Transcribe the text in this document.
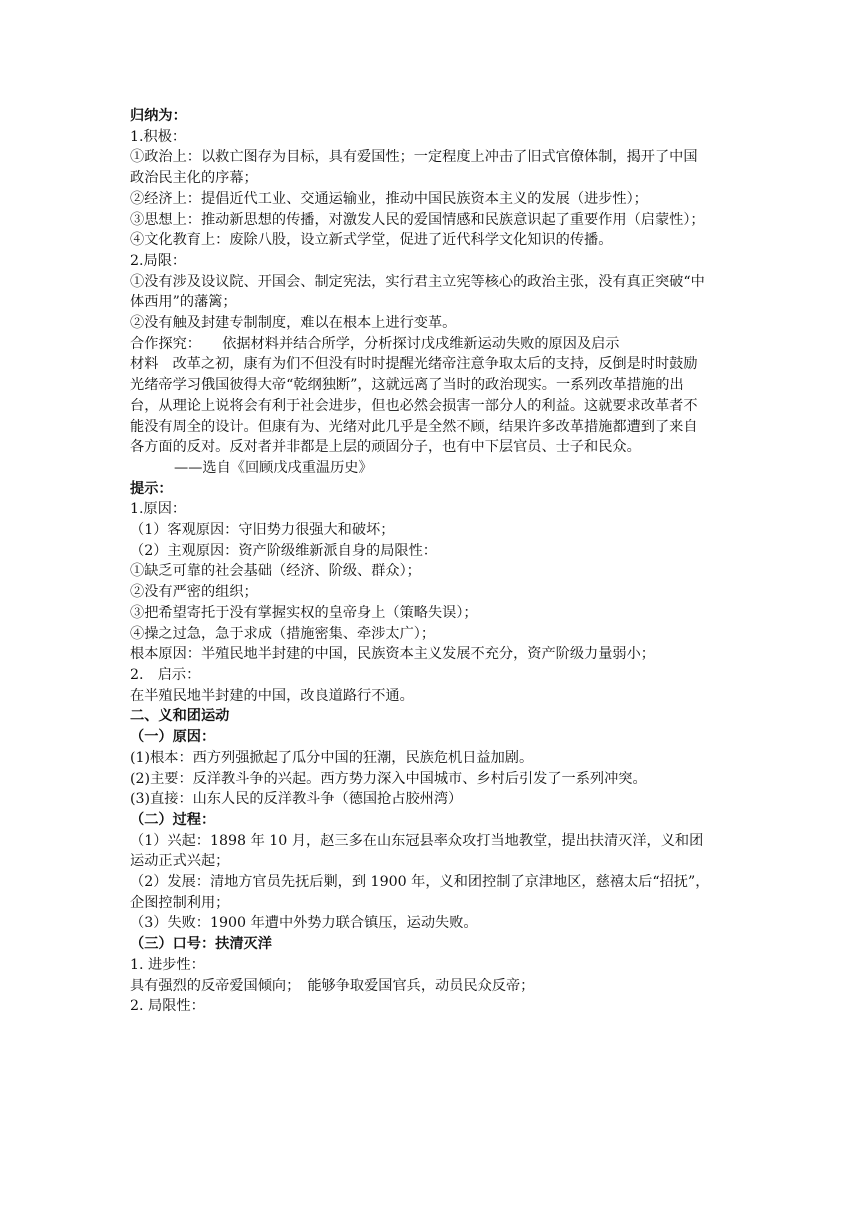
归纳为：
1.积极：
①政治上：以救亡图存为目标，具有爱国性；一定程度上冲击了旧式官僚体制，揭开了中国
政治民主化的序幕；
②经济上：提倡近代工业、交通运输业，推动中国民族资本主义的发展（进步性）；
③思想上：推动新思想的传播，对激发人民的爱国情感和民族意识起了重要作用（启蒙性）；
④文化教育上：废除八股，设立新式学堂，促进了近代科学文化知识的传播。
2.局限：
①没有涉及设议院、开国会、制定宪法，实行君主立宪等核心的政治主张，没有真正突破“中
体西用”的藩篱；
②没有触及封建专制制度，难以在根本上进行变革。
合作探究：　　依据材料并结合所学，分析探讨戊戌维新运动失败的原因及启示
材料　改革之初，康有为们不但没有时时提醒光绪帝注意争取太后的支持，反倒是时时鼓励
光绪帝学习俄国彼得大帝“乾纲独断”，这就远离了当时的政治现实。一系列改革措施的出
台，从理论上说将会有利于社会进步，但也必然会损害一部分人的利益。这就要求改革者不
能没有周全的设计。但康有为、光绪对此几乎是全然不顾，结果许多改革措施都遭到了来自
各方面的反对。反对者并非都是上层的顽固分子，也有中下层官员、士子和民众。
——选自《回顾戊戌重温历史》
提示：
1.原因：
（1）客观原因：守旧势力很强大和破坏；
（2）主观原因：资产阶级维新派自身的局限性：
①缺乏可靠的社会基础（经济、阶级、群众）；
②没有严密的组织；
③把希望寄托于没有掌握实权的皇帝身上（策略失误）；
④操之过急，急于求成（措施密集、牵涉太广）；
根本原因：半殖民地半封建的中国，民族资本主义发展不充分，资产阶级力量弱小；
2.　启示：
在半殖民地半封建的中国，改良道路行不通。
二、义和团运动
（一）原因：
(1)根本：西方列强掀起了瓜分中国的狂潮，民族危机日益加剧。
(2)主要：反洋教斗争的兴起。西方势力深入中国城市、乡村后引发了一系列冲突。
(3)直接：山东人民的反洋教斗争（德国抢占胶州湾）
（二）过程：
（1）兴起：1898 年 10 月，赵三多在山东冠县率众攻打当地教堂，提出扶清灭洋，义和团
运动正式兴起；
（2）发展：清地方官员先抚后剿，到 1900 年，义和团控制了京津地区，慈禧太后“招抚”，
企图控制利用；
（3）失败：1900 年遭中外势力联合镇压，运动失败。
（三）口号：扶清灭洋
1. 进步性：
具有强烈的反帝爱国倾向；　能够争取爱国官兵，动员民众反帝；
2. 局限性：
